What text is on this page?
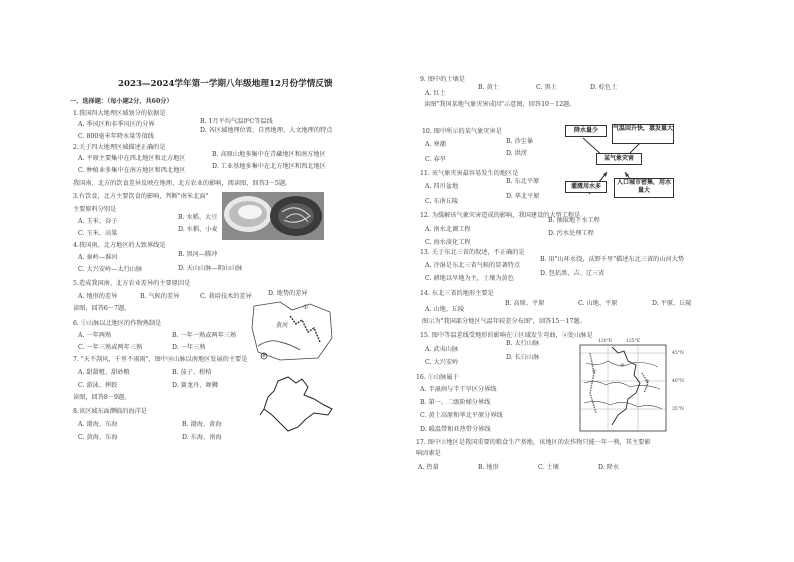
2023—2024学年第一学期八年级地理12月份学情反馈
一、选择题：（每小题2分，共60分）
1.我国四大地理区域划分的依据是
A. 季风区和非季风区的分界	B. 1月平均气温0℃等温线
C. 800毫米年降水量等值线
D. 各区域地理位置、自然地理、人文地理的特点
2.关于四大地理区域描述正确的是
A. 平原主要集中在西北地区和北方地区
B. 高原山地多集中在青藏地区和南方地区
C. 种植业多集中在南方地区和西北地区
D. 工业基地多集中在北方地区和西北地区
我国南、北方的饮食差异反映在地理、北方农业的影响，阅读图，回答3－5题。
3.有饮食，北方主要饮食的影响，判断"南米北面"
主要原料分别是
A. 玉米、谷子
B. 水稻、大豆
C. 玉米、高粱
D. 水稻、小麦
4.我国南、北方地区的大致界线是
A. 秦岭—淮河	B. 黑河—腾冲
C. 大兴安岭—太行山脉	D. 天山山脉—阴山山脉
5.造成我国南、北方农业差异的主要原因是
A. 地形的差异	B. 气候的差异	C. 栽培技术的差异	D. 地势的差异
读图，回答6－7题。
6. ①山脉以北地区的作物熟制是
A. 一年两熟	B. 一年一熟或两年三熟
C. 一年三熟或两年三熟	D. 一年三熟
7. "天不刮风，千里不雨雨"，图中⑩山脉以南地区发展的主要是
A. 甜甜橙、甜砂粮	B. 茄子、柑桔
C. 游泳、摔跤	D. 赛龙舟、舞狮
读图，回答8－9题。
8.该区域东面濒临的海洋是
A. 渤海、东海	B. 渤海、黄海
C. 黄海、东海	D. 东海、南海
黄河
①
②
9. 图中的土壤是
A. 红土
B. 黄土	C. 黑土	D. 棕色土
读图"我国某地气象灾害成因"示意图，回答10－12题。
10. 图中所示的某气象灾害是
A. 寒潮	B. 沙尘暴
C. 春旱
D. 洪涝
11. 该气象灾害最容易发生的地区是
A. 四川盆地
B. 东北平原
C. 东南丘陵
D. 华北平原
12. 为缓解该气象灾害造成的影响，我国建设的大型工程是
A. 南水北调工程
B. 抽取地下水工程
C. 海水淡化工程
D. 污水处理工程
13. 关于东北三省的叙述，不正确的是
A. 冷湿是东北三省气候的显著特点
B. 用"山环水绕，沃野千里"描述东北三省的山河大势
C. 耕地以旱地为主，土壤为黄色
D. 包括黑、吉、辽三省
14. 东北三省的地形主要是
A. 山地、丘陵
B. 高原、平原	C. 山地、平原	D. 平原、丘陵
图示为"我国部分地区气温年较差分布图"，回答15－17题。
15. 图中等温差线受地形的影响在①区域发生弯曲，②处山脉是
A. 武夷山脉
B. 太行山脉
C. 大兴安岭
D. 长白山脉
16. ①山脉属于
A. 半湿润与半干旱区分界线
B. 第一、二级阶梯分界线
C. 黄土高原和华北平原分界线
D. 暖温带和亚热带分界线
17. 图中③地区是我国重要的粮食生产基地，该地区的农作物只能一年一熟，其主要影
响因素是
A. 热量	B. 地形	C. 土壤	D. 降水
降水量少	气温回升快，蒸发量大
某气象灾害
灌溉用水多
人口城市密集，用水量大
120°E	125°E
45°N
40°N
35°N
①
②
③
